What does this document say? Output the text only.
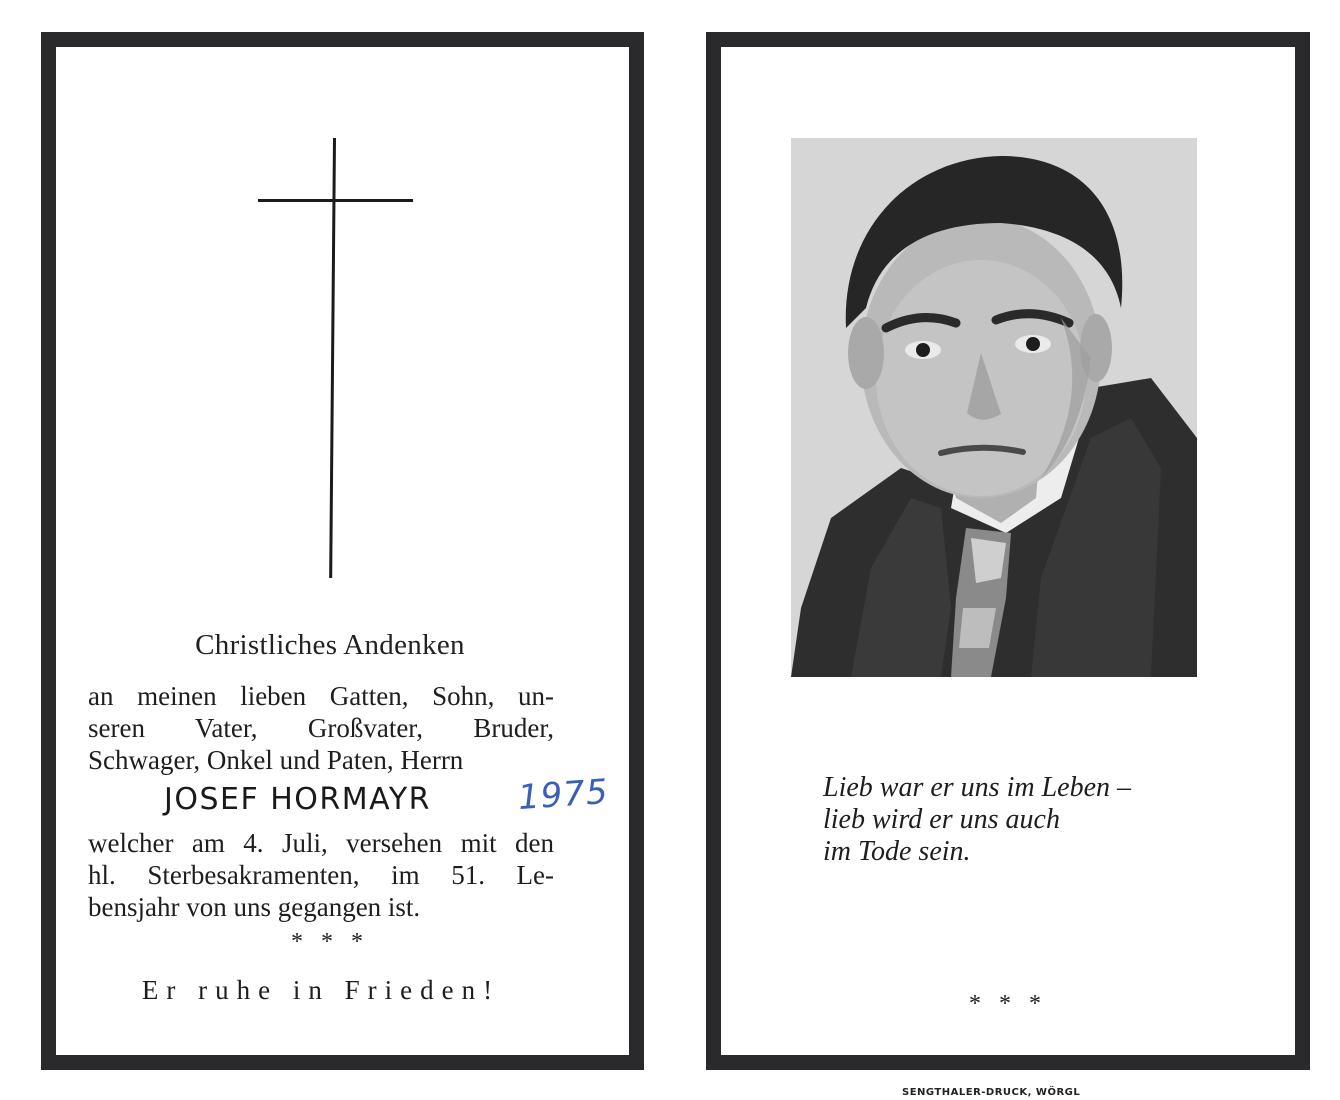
Christliches Andenken
an meinen lieben Gatten, Sohn, un-
seren Vater, Großvater, Bruder,
Schwager, Onkel und Paten, Herrn
JOSEF HORMAYR	1975
welcher am 4. Juli, versehen mit den
hl. Sterbesakramenten, im 51. Le-
bensjahr von uns gegangen ist.
* * *
Er ruhe in Frieden!
Lieb war er uns im Leben –
lieb wird er uns auch
im Tode sein.
* * *
SENGTHALER-DRUCK, WÖRGL
